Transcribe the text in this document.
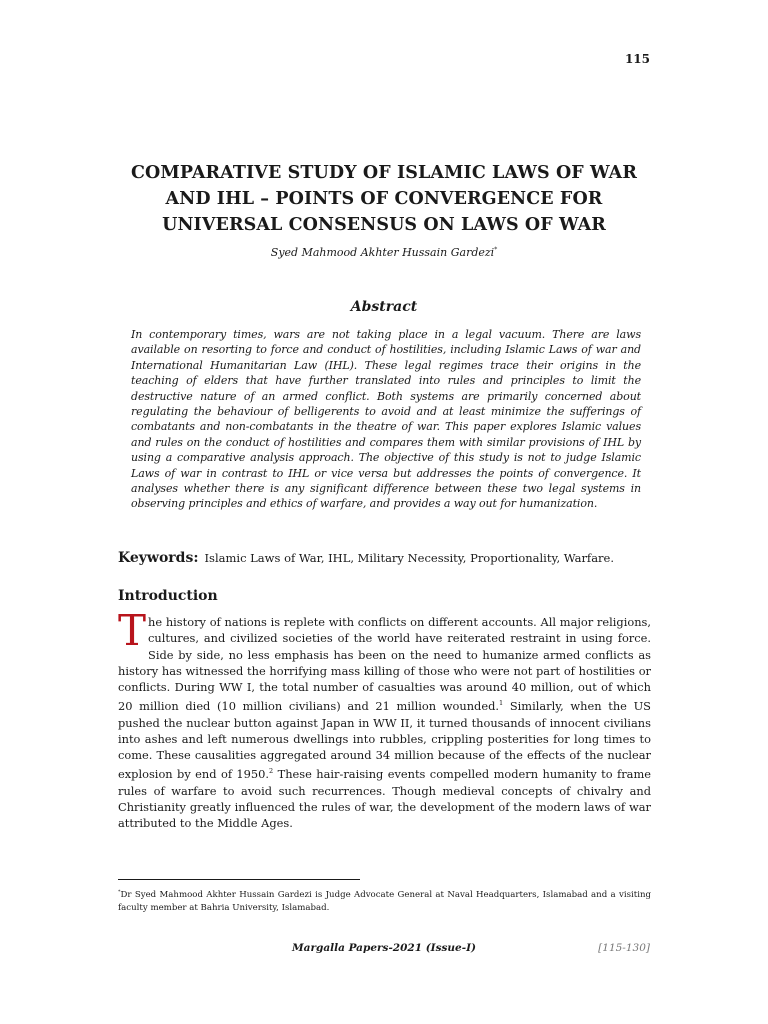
115
COMPARATIVE STUDY OF ISLAMIC LAWS OF WAR
AND IHL – POINTS OF CONVERGENCE FOR
UNIVERSAL CONSENSUS ON LAWS OF WAR
Syed Mahmood Akhter Hussain Gardezi*
Abstract

In contemporary times, wars are not taking place in a legal vacuum. There are laws available on resorting to force and conduct of hostilities, including Islamic Laws of war and International Humanitarian Law (IHL). These legal regimes trace their origins in the teaching of elders that have further translated into rules and principles to limit the destructive nature of an armed conflict. Both systems are primarily concerned about regulating the behaviour of belligerents to avoid and at least minimize the sufferings of combatants and non-combatants in the theatre of war. This paper explores Islamic values and rules on the conduct of hostilities and compares them with similar provisions of IHL by using a comparative analysis approach. The objective of this study is not to judge Islamic Laws of war in contrast to IHL or vice versa but addresses the points of convergence. It analyses whether there is any significant difference between these two legal systems in observing principles and ethics of warfare, and provides a way out for humanization.

Keywords: Islamic Laws of War, IHL, Military Necessity, Proportionality, Warfare.
Introduction

The history of nations is replete with conflicts on different accounts. All major religions, cultures, and civilized societies of the world have reiterated restraint in using force. Side by side, no less emphasis has been on the need to humanize armed conflicts as history has witnessed the horrifying mass killing of those who were not part of hostilities or conflicts. During WW I, the total number of casualties was around 40 million, out of which 20 million died (10 million civilians) and 21 million wounded.$^1$ Similarly, when the US pushed the nuclear button against Japan in WW II, it turned thousands of innocent civilians into ashes and left numerous dwellings into rubbles, crippling posterities for long times to come. These causalities aggregated around 34 million because of the effects of the nuclear explosion by end of 1950.$^2$ These hair-raising events compelled modern humanity to frame rules of warfare to avoid such recurrences. Though medieval concepts of chivalry and Christianity greatly influenced the rules of war, the development of the modern laws of war attributed to the Middle Ages.

*Dr Syed Mahmood Akhter Hussain Gardezi is Judge Advocate General at Naval Headquarters, Islamabad and a visiting faculty member at Bahria University, Islamabad.

Margalla Papers-2021 (Issue-I)	[115-130]
